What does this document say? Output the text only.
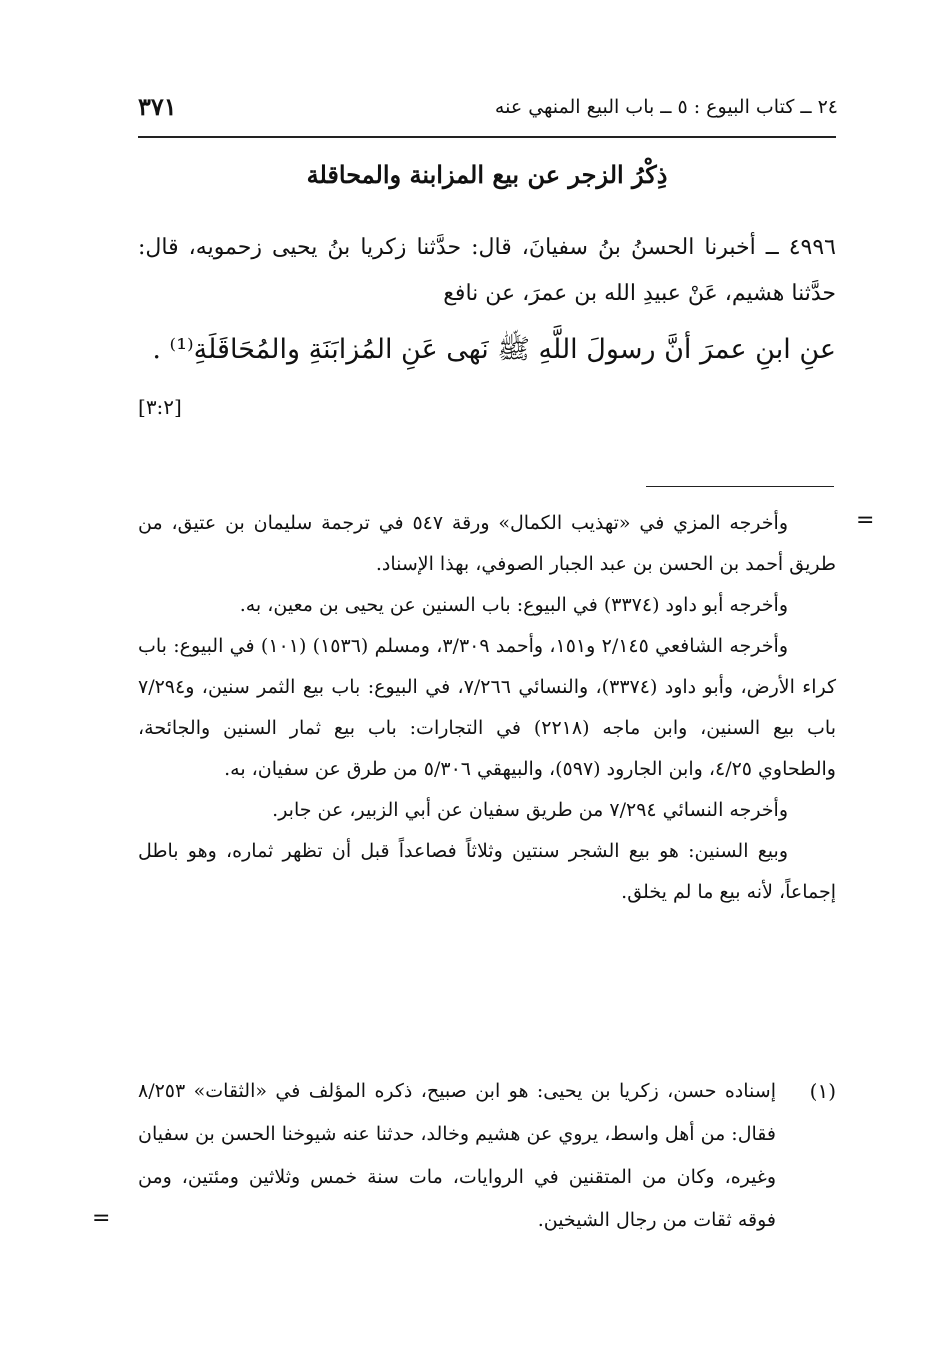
٢٤ ــ كتاب البيوع : ٥ ــ باب البيع المنهي عنه
٣٧١
ذِكْرُ الزجر عن بيع المزابنة والمحاقلة
٤٩٩٦ ــ أخبرنا الحسنُ بنُ سفيانَ، قال: حدَّثنا زكريا بنُ يحيى زحمويه، قال: حدَّثنا هشيم، عَنْ عبيدِ الله بن عمرَ، عن نافع
عنِ ابنِ عمرَ أنَّ رسولَ اللَّهِ ﷺ نَهى عَنِ المُزابَنَةِ والمُحَاقَلَةِ⁽¹⁾ .
[٣:٢]
=

وأخرجه المزي في «تهذيب الكمال» ورقة ٥٤٧ في ترجمة سليمان بن عتيق، من طريق أحمد بن الحسن بن عبد الجبار الصوفي، بهذا الإسناد.

وأخرجه أبو داود (٣٣٧٤) في البيوع: باب السنين عن يحيى بن معين، به.

وأخرجه الشافعي ٢/١٤٥ و١٥١، وأحمد ٣/٣٠٩، ومسلم (١٥٣٦) (١٠١) في البيوع: باب كراء الأرض، وأبو داود (٣٣٧٤)، والنسائي ٧/٢٦٦، في البيوع: باب بيع الثمر سنين، و٧/٢٩٤ باب بيع السنين، وابن ماجه (٢٢١٨) في التجارات: باب بيع ثمار السنين والجائحة، والطحاوي ٤/٢٥، وابن الجارود (٥٩٧)، والبيهقي ٥/٣٠٦ من طرق عن سفيان، به.

وأخرجه النسائي ٧/٢٩٤ من طريق سفيان عن أبي الزبير، عن جابر.

وبيع السنين: هو بيع الشجر سنتين وثلاثاً فصاعداً قبل أن تظهر ثماره، وهو باطل إجماعاً، لأنه بيع ما لم يخلق.

(١)
إسناده حسن، زكريا بن يحيى: هو ابن صبيح، ذكره المؤلف في «الثقات» ٨/٢٥٣ فقال: من أهل واسط، يروي عن هشيم وخالد، حدثنا عنه شيوخنا الحسن بن سفيان وغيره، وكان من المتقنين في الروايات، مات سنة خمس وثلاثين ومئتين، ومن فوقه ثقات من رجال الشيخين.
=
